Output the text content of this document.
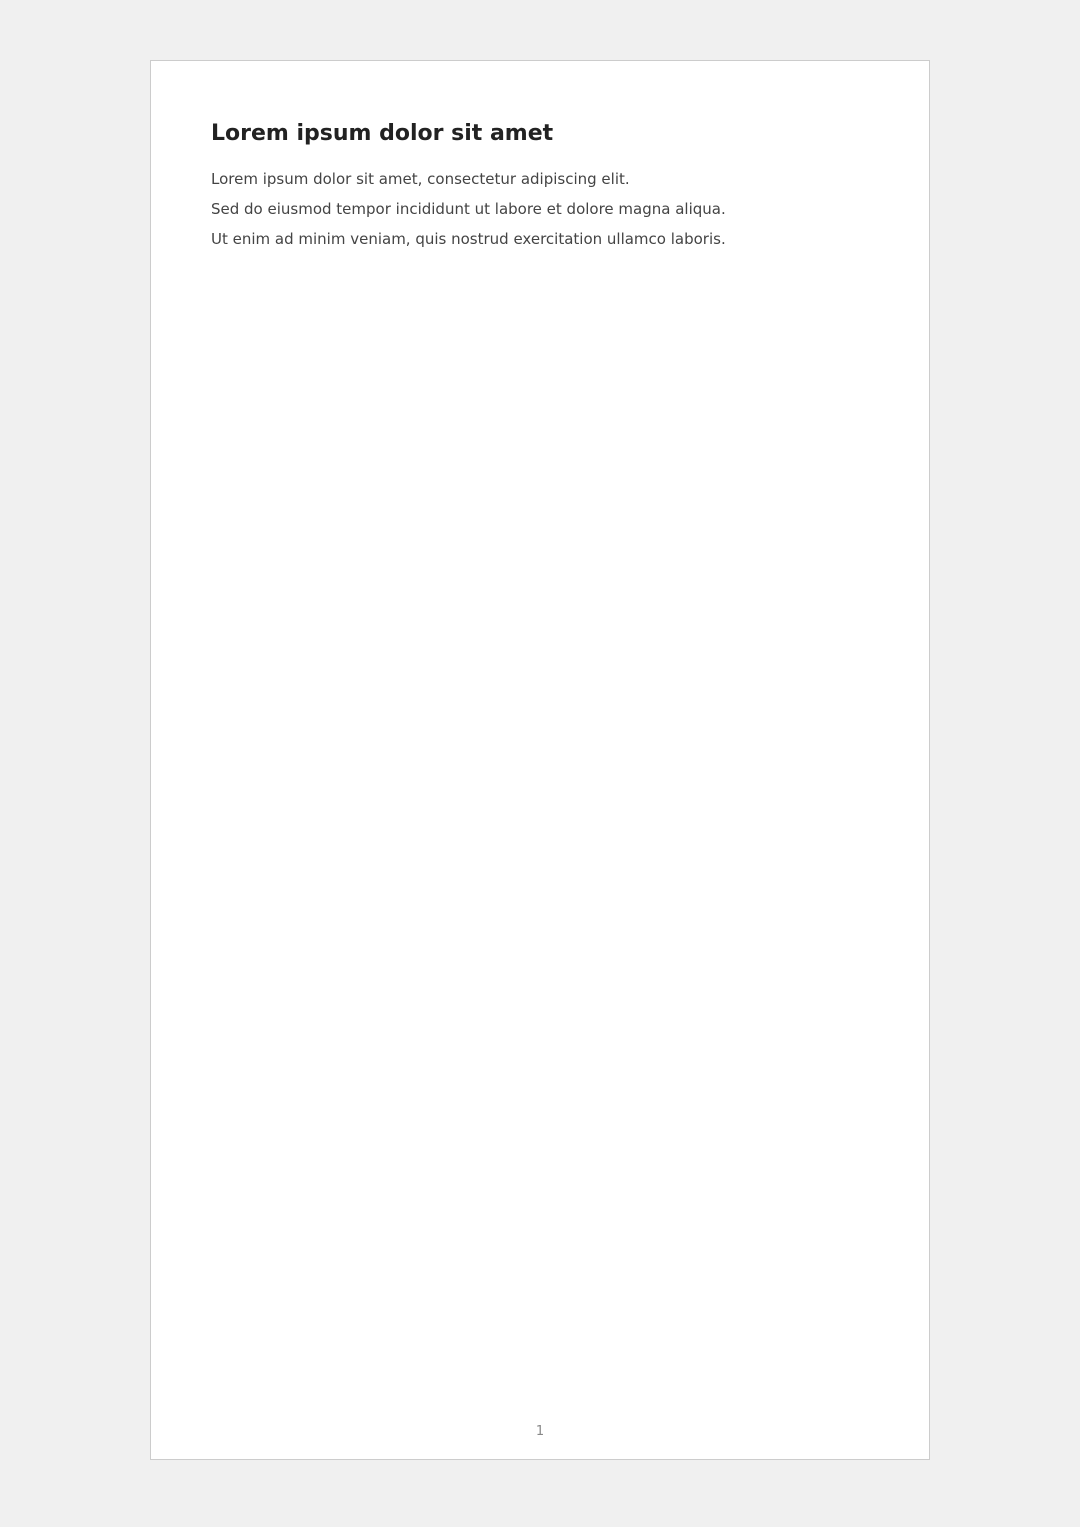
Lorem ipsum dolor sit amet

Lorem ipsum dolor sit amet, consectetur adipiscing elit.

Sed do eiusmod tempor incididunt ut labore et dolore magna aliqua.

Ut enim ad minim veniam, quis nostrud exercitation ullamco laboris.

1
